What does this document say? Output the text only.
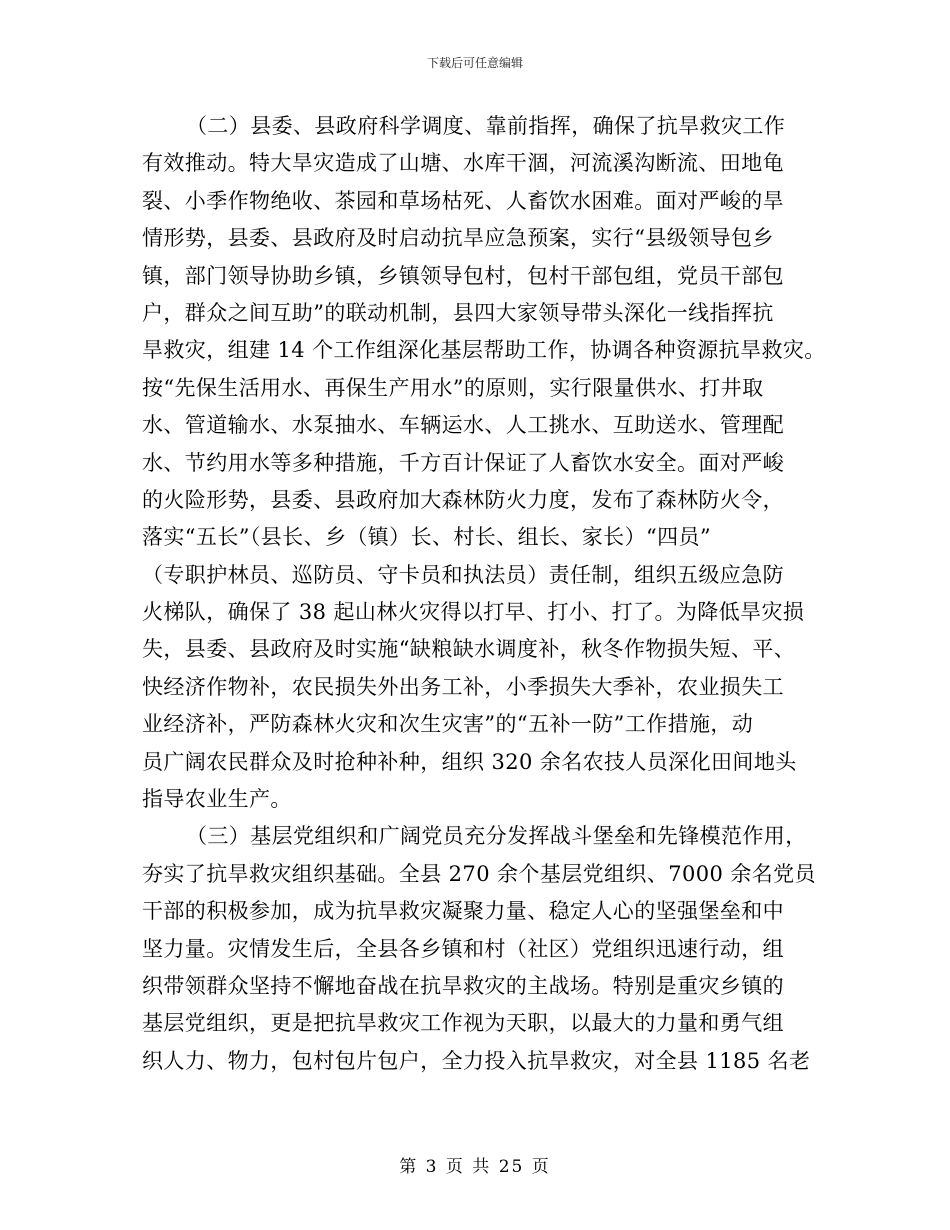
下载后可任意编辑
（二）县委、县政府科学调度、靠前指挥，确保了抗旱救灾工作
有效推动。特大旱灾造成了山塘、水库干涸，河流溪沟断流、田地龟
裂、小季作物绝收、茶园和草场枯死、人畜饮水困难。面对严峻的旱
情形势，县委、县政府及时启动抗旱应急预案，实行“县级领导包乡
镇，部门领导协助乡镇，乡镇领导包村，包村干部包组，党员干部包
户，群众之间互助”的联动机制，县四大家领导带头深化一线指挥抗
旱救灾，组建 14 个工作组深化基层帮助工作，协调各种资源抗旱救灾。
按“先保生活用水、再保生产用水”的原则，实行限量供水、打井取
水、管道输水、水泵抽水、车辆运水、人工挑水、互助送水、管理配
水、节约用水等多种措施，千方百计保证了人畜饮水安全。面对严峻
的火险形势，县委、县政府加大森林防火力度，发布了森林防火令，
落实“五长”（县长、乡（镇）长、村长、组长、家长）“四员”
（专职护林员、巡防员、守卡员和执法员）责任制，组织五级应急防
火梯队，确保了 38 起山林火灾得以打早、打小、打了。为降低旱灾损
失，县委、县政府及时实施“缺粮缺水调度补，秋冬作物损失短、平、
快经济作物补，农民损失外出务工补，小季损失大季补，农业损失工
业经济补，严防森林火灾和次生灾害”的“五补一防”工作措施，动
员广阔农民群众及时抢种补种，组织 320 余名农技人员深化田间地头
指导农业生产。
（三）基层党组织和广阔党员充分发挥战斗堡垒和先锋模范作用，
夯实了抗旱救灾组织基础。全县 270 余个基层党组织、7000 余名党员
干部的积极参加，成为抗旱救灾凝聚力量、稳定人心的坚强堡垒和中
坚力量。灾情发生后，全县各乡镇和村（社区）党组织迅速行动，组
织带领群众坚持不懈地奋战在抗旱救灾的主战场。特别是重灾乡镇的
基层党组织，更是把抗旱救灾工作视为天职，以最大的力量和勇气组
织人力、物力，包村包片包户，全力投入抗旱救灾，对全县 1185 名老
第 3 页 共 25 页
